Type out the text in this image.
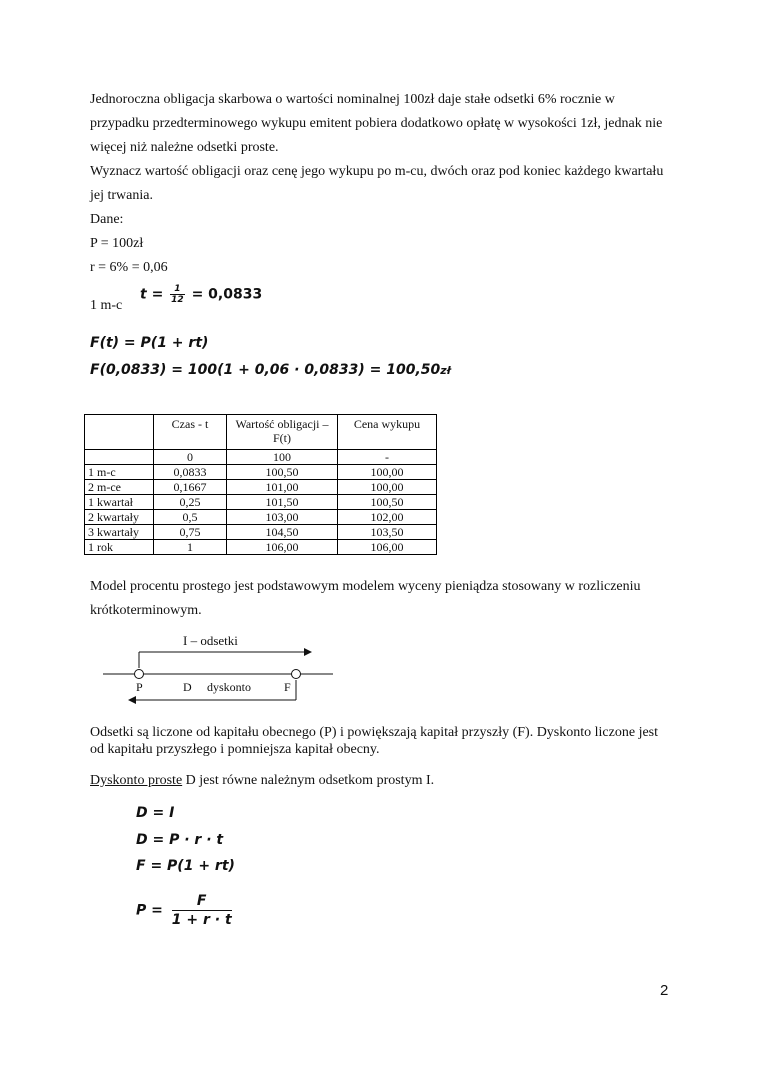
Jednoroczna obligacja skarbowa o wartości nominalnej 100zł daje stałe odsetki 6% rocznie w
przypadku przedterminowego wykupu emitent pobiera dodatkowo opłatę w wysokości 1zł, jednak nie
więcej niż należne odsetki proste.
Wyznacz wartość obligacji oraz cenę jego wykupu po m-cu, dwóch oraz pod koniec każdego kwartału
jej trwania.
Dane:
P = 100zł
r = 6% = 0,06
1 m-c
$t = \frac{1}{12} = 0,0833$
F(t) = P(1 + rt)
F(0,0833) = 100(1 + 0,06 · 0,0833) = 100,50zł
	Czas - t	Wartość obligacji – F(t)	Cena wykupu
	0	100	-
1 m-c	0,0833	100,50	100,00
2 m-ce	0,1667	101,00	100,00
1 kwartał	0,25	101,50	100,50
2 kwartały	0,5	103,00	102,00
3 kwartały	0,75	104,50	103,50
1 rok	1	106,00	106,00
Model procentu prostego jest podstawowym modelem wyceny pieniądza stosowany w rozliczeniu
krótkoterminowym.
I – odsetki
P	D dyskonto	F
Odsetki są liczone od kapitału obecnego (P) i powiększają kapitał przyszły (F). Dyskonto liczone jest
od kapitału przyszłego i pomniejsza kapitał obecny.
Dyskonto proste D jest równe należnym odsetkom prostym I.
D = I
D = P · r · t
F = P(1 + rt)
$P = \frac{F}{1 + r \cdot t}$
2
